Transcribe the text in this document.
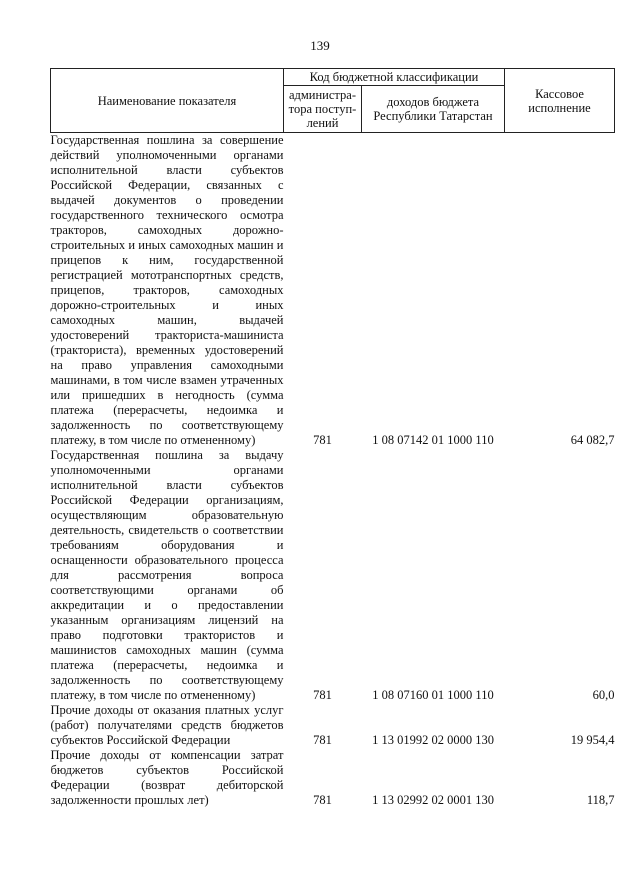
139
Наименование показателя	Код бюджетной классификации		Кассовое исполнение
	администра-тора поступ-лений	доходов бюджета Республики Татарстан	

Государственная пошлина за совершение действий уполномоченными органами исполнительной власти субъектов Российской Федерации, связанных с выдачей документов о проведении государственного технического осмотра тракторов, самоходных дорожно-строительных и иных самоходных машин и прицепов к ним, государственной регистрацией мототранспортных средств, прицепов, тракторов, самоходных дорожно-строительных и иных самоходных машин, выдачей удостоверений тракториста-машиниста (тракториста), временных удостоверений на право управления самоходными машинами, в том числе взамен утраченных или пришедших в негодность (сумма платежа (перерасчеты, недоимка и задолженность по соответствующему платежу, в том числе по отмененному)	781	1 08 07142 01 1000 110	64 082,7

Государственная пошлина за выдачу уполномоченными органами исполнительной власти субъектов Российской Федерации организациям, осуществляющим образовательную деятельность, свидетельств о соответствии требованиям оборудования и оснащенности образовательного процесса для рассмотрения вопроса соответствующими органами об аккредитации и о предоставлении указанным организациям лицензий на право подготовки трактористов и машинистов самоходных машин (сумма платежа (перерасчеты, недоимка и задолженность по соответствующему платежу, в том числе по отмененному)	781	1 08 07160 01 1000 110	60,0

Прочие доходы от оказания платных услуг (работ) получателями средств бюджетов субъектов Российской Федерации	781	1 13 01992 02 0000 130	19 954,4

Прочие доходы от компенсации затрат бюджетов субъектов Российской Федерации (возврат дебиторской задолженности прошлых лет)	781	1 13 02992 02 0001 130	118,7
